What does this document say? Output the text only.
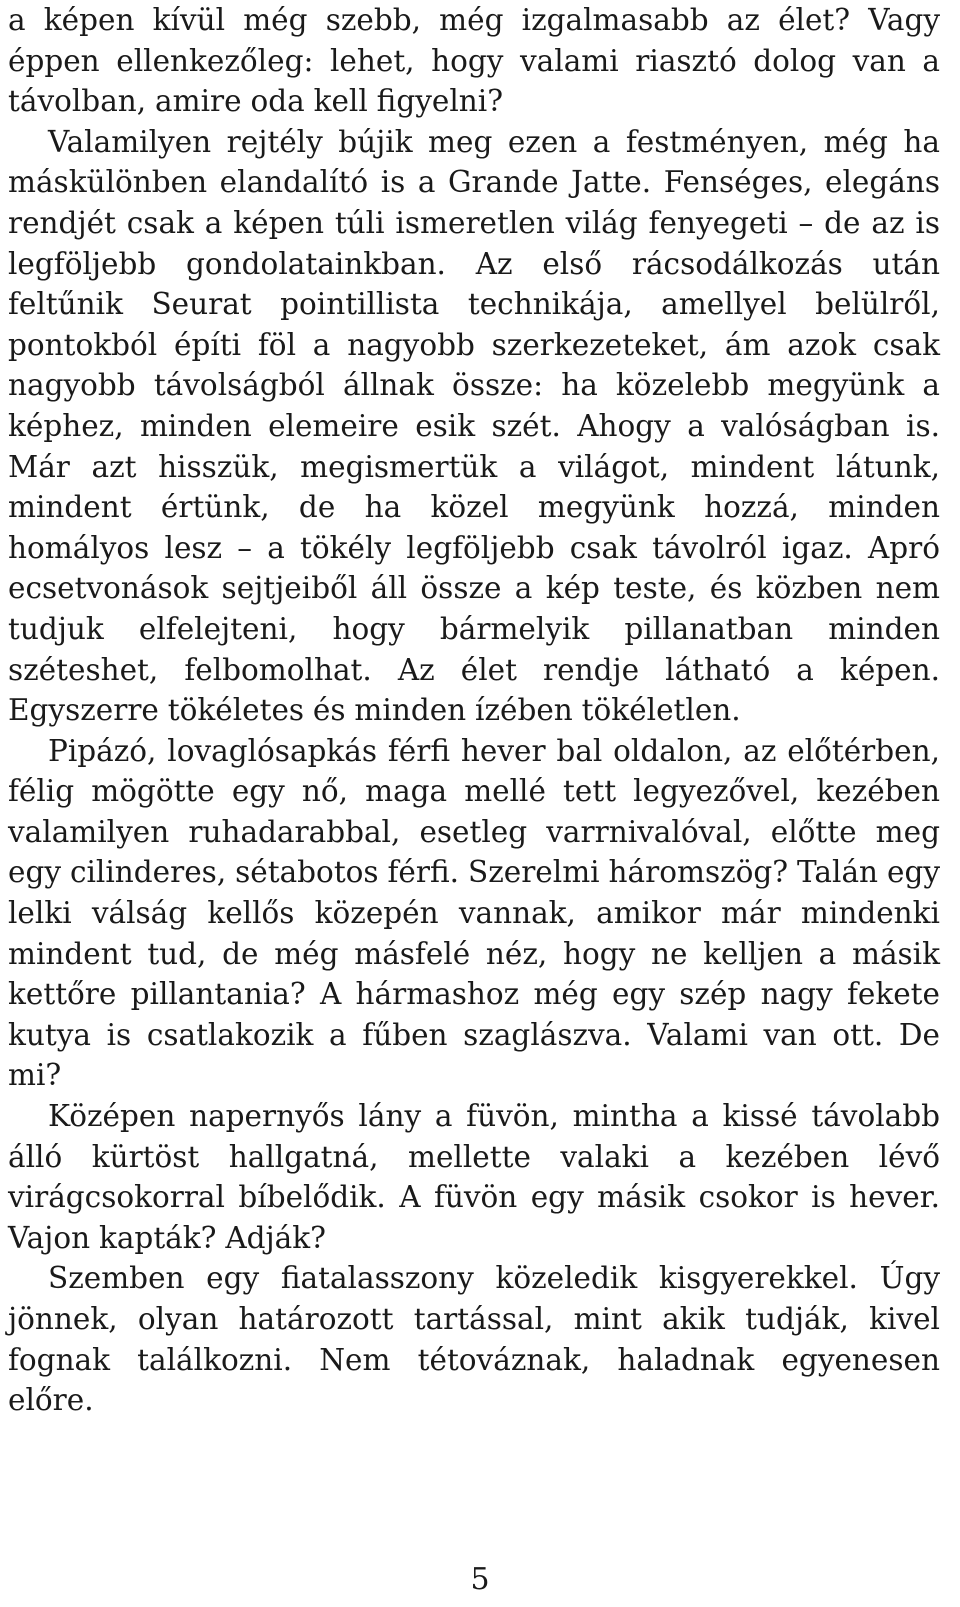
a képen kívül még szebb, még izgalmasabb az élet? Vagy éppen ellenkezőleg: lehet, hogy valami riasztó dolog van a távolban, amire oda kell figyelni?

Valamilyen rejtély bújik meg ezen a festményen, még ha máskülönben elandalító is a Grande Jatte. Fenséges, elegáns rendjét csak a képen túli ismeretlen világ fenyegeti – de az is legföljebb gondolatainkban. Az első rácsodálkozás után feltűnik Seurat pointillista technikája, amellyel belülről, pontokból építi föl a nagyobb szerkezeteket, ám azok csak nagyobb távolságból állnak össze: ha közelebb megyünk a képhez, minden elemeire esik szét. Ahogy a valóságban is. Már azt hisszük, megismertük a világot, mindent látunk, mindent értünk, de ha közel megyünk hozzá, minden homályos lesz – a tökély legföljebb csak távolról igaz. Apró ecsetvonások sejtjeiből áll össze a kép teste, és közben nem tudjuk elfelejteni, hogy bármelyik pillanatban minden széteshet, felbomolhat. Az élet rendje látható a képen. Egyszerre tökéletes és minden ízében tökéletlen.

Pipázó, lovaglósapkás férfi hever bal oldalon, az előtérben, félig mögötte egy nő, maga mellé tett legyezővel, kezében valamilyen ruhadarabbal, esetleg varrnivalóval, előtte meg egy cilinderes, sétabotos férfi. Szerelmi háromszög? Talán egy lelki válság kellős közepén vannak, amikor már mindenki mindent tud, de még másfelé néz, hogy ne kelljen a másik kettőre pillantania? A hármashoz még egy szép nagy fekete kutya is csatlakozik a fűben szaglászva. Valami van ott. De mi?

Középen napernyős lány a füvön, mintha a kissé távolabb álló kürtöst hallgatná, mellette valaki a kezében lévő virágcsokorral bíbelődik. A füvön egy másik csokor is hever. Vajon kapták? Adják?

Szemben egy fiatalasszony közeledik kisgyerekkel. Úgy jönnek, olyan határozott tartással, mint akik tudják, kivel fognak találkozni. Nem tétováznak, haladnak egyenesen előre.

5
